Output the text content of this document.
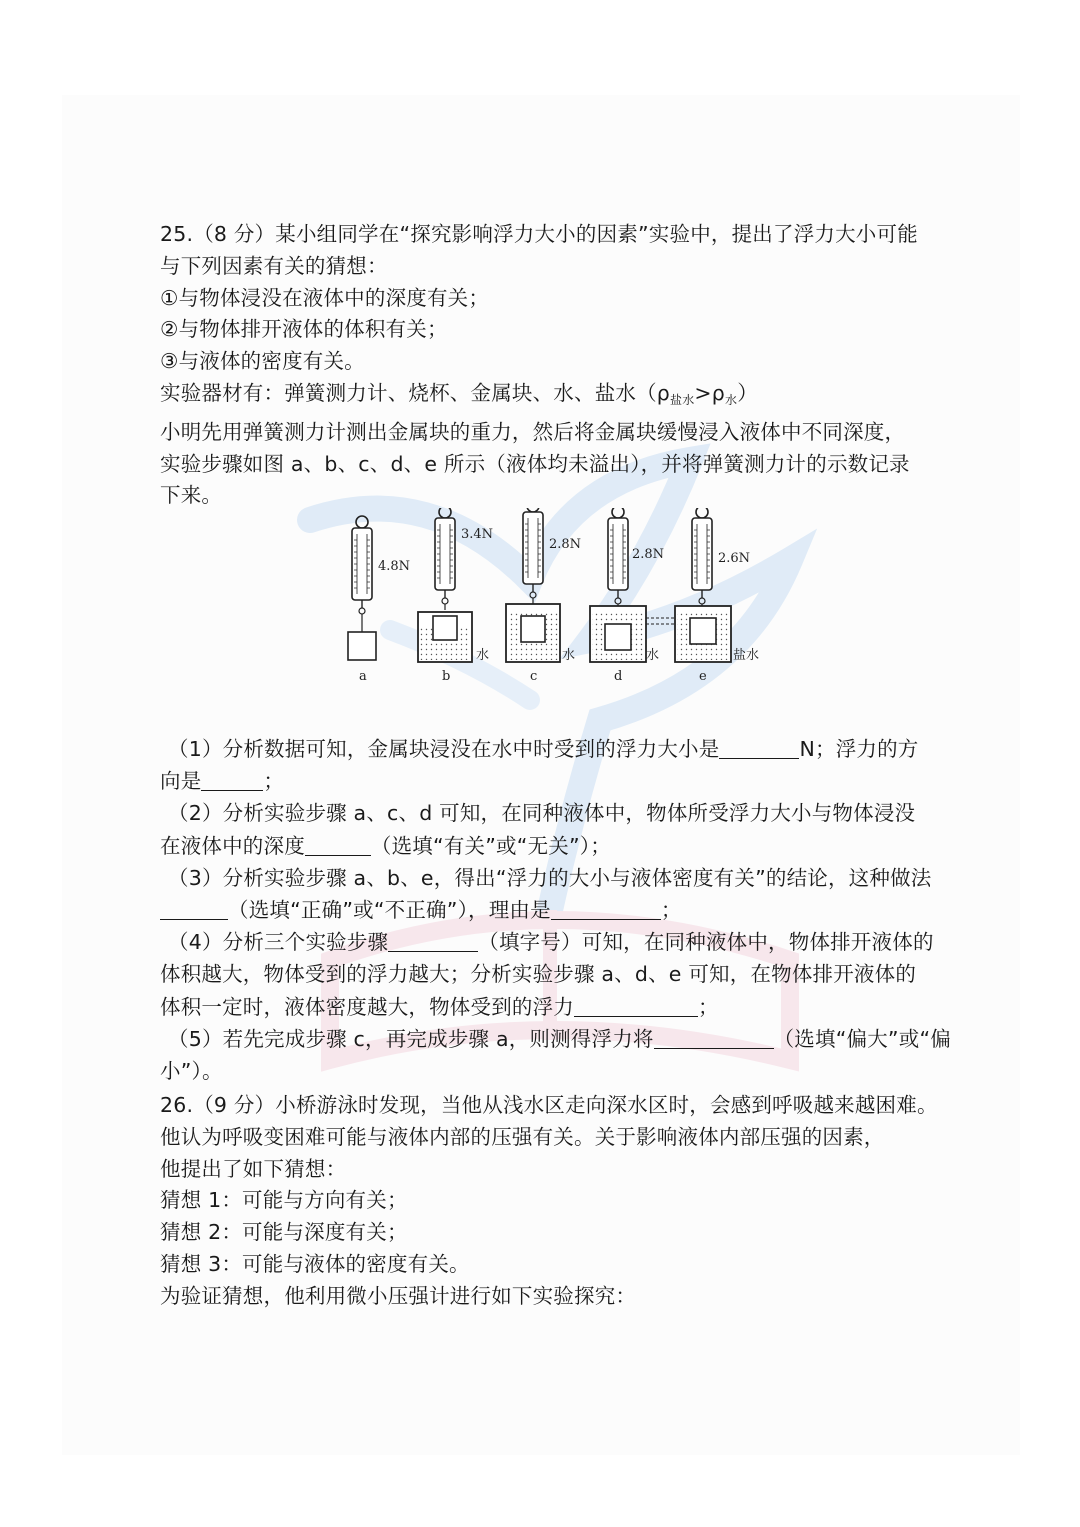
25.（8 分）某小组同学在“探究影响浮力大小的因素”实验中，提出了浮力大小可能
与下列因素有关的猜想：
①与物体浸没在液体中的深度有关；
②与物体排开液体的体积有关；
③与液体的密度有关。
实验器材有：弹簧测力计、烧杯、金属块、水、盐水$(\rho_{盐水}>\rho_水)$
小明先用弹簧测力计测出金属块的重力，然后将金属块缓慢浸入液体中不同深度，
实验步骤如图 a、b、c、d、e 所示（液体均未溢出），并将弹簧测力计的示数记录
下来。
4.8N
3.4N
2.8N
2.8N	2.6N
水	水	水	盐水
a	b	c	d	e
（1）分析数据可知，金属块浸没在水中时受到的浮力大小是	N；浮力的方
向是	；
（2）分析实验步骤 a、c、d 可知，在同种液体中，物体所受浮力大小与物体浸没
在液体中的深度	（选填“有关”或“无关”）；
（3）分析实验步骤 a、b、e，得出“浮力的大小与液体密度有关”的结论，这种做法
（选填“正确”或“不正确”），理由是	；
（4）分析三个实验步骤	（填字号）可知，在同种液体中，物体排开液体的
体积越大，物体受到的浮力越大；分析实验步骤 a、d、e 可知，在物体排开液体的
体积一定时，液体密度越大，物体受到的浮力	；
（5）若先完成步骤 c，再完成步骤 a，则测得浮力将	（选填“偏大”或“偏
小”）。
26.（9 分）小桥游泳时发现，当他从浅水区走向深水区时，会感到呼吸越来越困难。
他认为呼吸变困难可能与液体内部的压强有关。关于影响液体内部压强的因素，
他提出了如下猜想：
猜想 1：可能与方向有关；
猜想 2：可能与深度有关；
猜想 3：可能与液体的密度有关。
为验证猜想，他利用微小压强计进行如下实验探究：
